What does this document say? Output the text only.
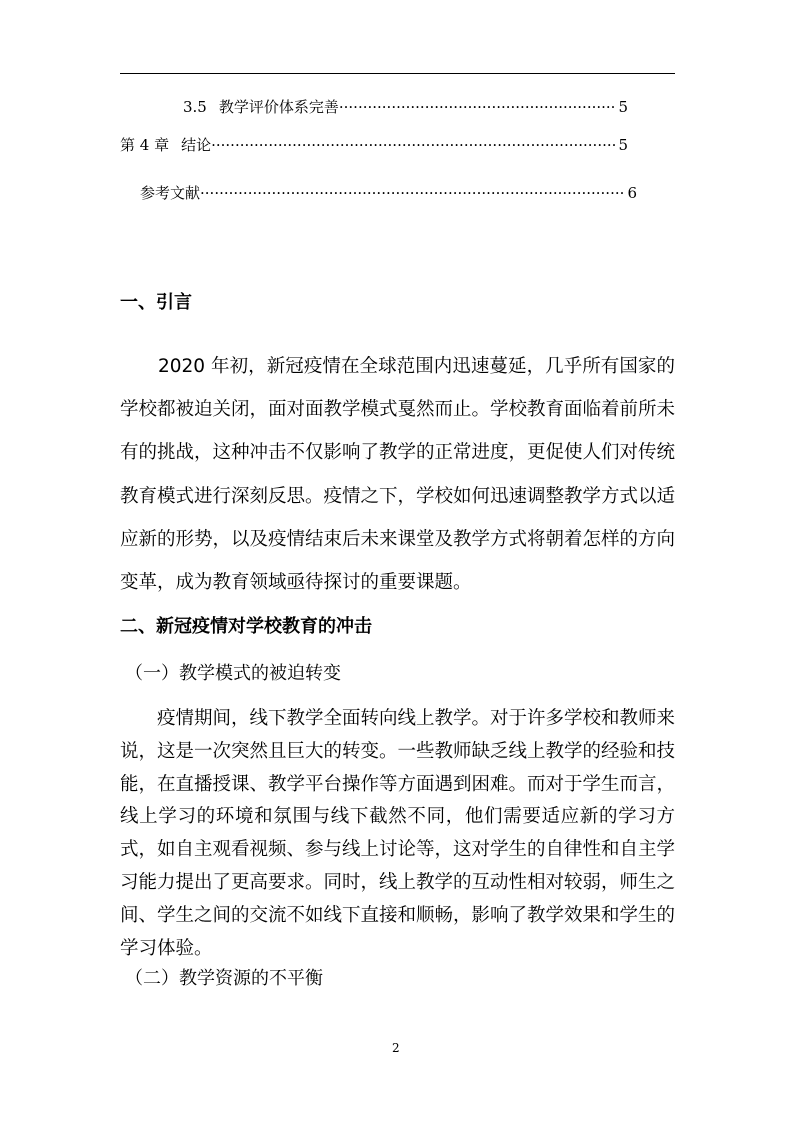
3.5 教学评价体系完善 ·····	5
第 4 章 结论 ·····	5
参考文献 ·····	6
一、引言

2020 年初，新冠疫情在全球范围内迅速蔓延，几乎所有国家的学校都被迫关闭，面对面教学模式戛然而止。学校教育面临着前所未有的挑战，这种冲击不仅影响了教学的正常进度，更促使人们对传统教育模式进行深刻反思。疫情之下，学校如何迅速调整教学方式以适应新的形势，以及疫情结束后未来课堂及教学方式将朝着怎样的方向变革，成为教育领域亟待探讨的重要课题。

二、新冠疫情对学校教育的冲击
（一）教学模式的被迫转变

疫情期间，线下教学全面转向线上教学。对于许多学校和教师来说，这是一次突然且巨大的转变。一些教师缺乏线上教学的经验和技能，在直播授课、教学平台操作等方面遇到困难。而对于学生而言，线上学习的环境和氛围与线下截然不同，他们需要适应新的学习方式，如自主观看视频、参与线上讨论等，这对学生的自律性和自主学习能力提出了更高要求。同时，线上教学的互动性相对较弱，师生之间、学生之间的交流不如线下直接和顺畅，影响了教学效果和学生的学习体验。

（二）教学资源的不平衡
2
